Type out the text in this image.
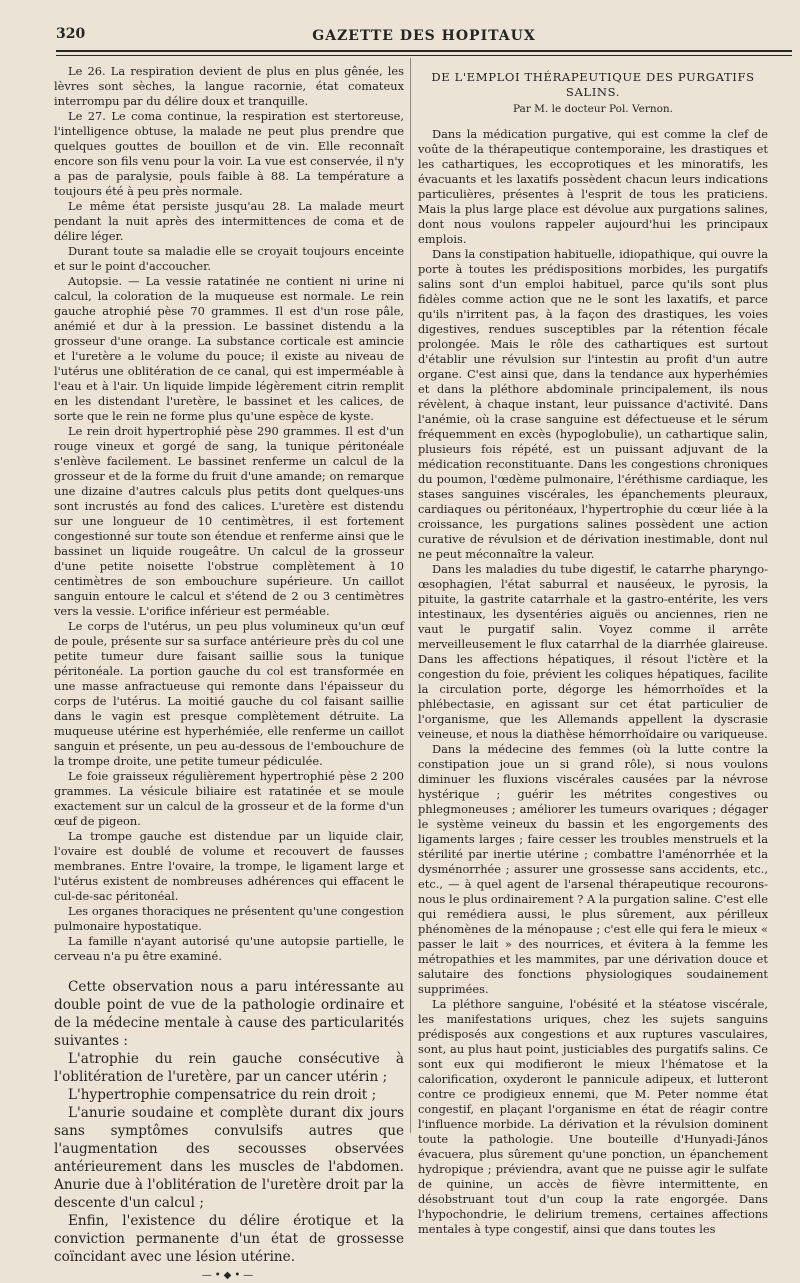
320	GAZETTE DES HOPITAUX

Le 26. La respiration devient de plus en plus gênée, les lèvres sont sèches, la langue racornie, état comateux interrompu par du délire doux et tranquille.

Le 27. Le coma continue, la respiration est stertoreuse, l'intelligence obtuse, la malade ne peut plus prendre que quelques gouttes de bouillon et de vin. Elle reconnaît encore son fils venu pour la voir. La vue est conservée, il n'y a pas de paralysie, pouls faible à 88. La température a toujours été à peu près normale.

Le même état persiste jusqu'au 28. La malade meurt pendant la nuit après des intermittences de coma et de délire léger.

Durant toute sa maladie elle se croyait toujours enceinte et sur le point d'accoucher.

Autopsie. — La vessie ratatinée ne contient ni urine ni calcul, la coloration de la muqueuse est normale. Le rein gauche atrophié pèse 70 grammes. Il est d'un rose pâle, anémié et dur à la pression. Le bassinet distendu a la grosseur d'une orange. La substance corticale est amincie et l'uretère a le volume du pouce; il existe au niveau de l'utérus une oblitération de ce canal, qui est imperméable à l'eau et à l'air. Un liquide limpide légèrement citrin remplit en les distendant l'uretère, le bassinet et les calices, de sorte que le rein ne forme plus qu'une espèce de kyste.

Le rein droit hypertrophié pèse 290 grammes. Il est d'un rouge vineux et gorgé de sang, la tunique péritonéale s'enlève facilement. Le bassinet renferme un calcul de la grosseur et de la forme du fruit d'une amande; on remarque une dizaine d'autres calculs plus petits dont quelques-uns sont incrustés au fond des calices. L'uretère est distendu sur une longueur de 10 centimètres, il est fortement congestionné sur toute son étendue et renferme ainsi que le bassinet un liquide rougeâtre. Un calcul de la grosseur d'une petite noisette l'obstrue complètement à 10 centimètres de son embouchure supérieure. Un caillot sanguin entoure le calcul et s'étend de 2 ou 3 centimètres vers la vessie. L'orifice inférieur est perméable.

Le corps de l'utérus, un peu plus volumineux qu'un œuf de poule, présente sur sa surface antérieure près du col une petite tumeur dure faisant saillie sous la tunique péritonéale. La portion gauche du col est transformée en une masse anfractueuse qui remonte dans l'épaisseur du corps de l'utérus. La moitié gauche du col faisant saillie dans le vagin est presque complètement détruite. La muqueuse utérine est hyperhémiée, elle renferme un caillot sanguin et présente, un peu au-dessous de l'embouchure de la trompe droite, une petite tumeur pédiculée.

Le foie graisseux régulièrement hypertrophié pèse 2 200 grammes. La vésicule biliaire est ratatinée et se moule exactement sur un calcul de la grosseur et de la forme d'un œuf de pigeon.

La trompe gauche est distendue par un liquide clair, l'ovaire est doublé de volume et recouvert de fausses membranes. Entre l'ovaire, la trompe, le ligament large et l'utérus existent de nombreuses adhérences qui effacent le cul-de-sac péritonéal.

Les organes thoraciques ne présentent qu'une congestion pulmonaire hypostatique.

La famille n'ayant autorisé qu'une autopsie partielle, le cerveau n'a pu être examiné.

Cette observation nous a paru intéressante au double point de vue de la pathologie ordinaire et de la médecine mentale à cause des particularités suivantes :

L'atrophie du rein gauche consécutive à l'oblitération de l'uretère, par un cancer utérin ;

L'hypertrophie compensatrice du rein droit ;

L'anurie soudaine et complète durant dix jours sans symptômes convulsifs autres que l'augmentation des secousses observées antérieurement dans les muscles de l'abdomen. Anurie due à l'oblitération de l'uretère droit par la descente d'un calcul ;

Enfin, l'existence du délire érotique et la conviction permanente d'un état de grossesse coïncidant avec une lésion utérine.

—•◆•—
DE L'EMPLOI THÉRAPEUTIQUE DES PURGATIFS SALINS.
Par M. le docteur Pol. Vernon.

Dans la médication purgative, qui est comme la clef de voûte de la thérapeutique contemporaine, les drastiques et les cathartiques, les eccoprotiques et les minoratifs, les évacuants et les laxatifs possèdent chacun leurs indications particulières, présentes à l'esprit de tous les praticiens. Mais la plus large place est dévolue aux purgations salines, dont nous voulons rappeler aujourd'hui les principaux emplois.

Dans la constipation habituelle, idiopathique, qui ouvre la porte à toutes les prédispositions morbides, les purgatifs salins sont d'un emploi habituel, parce qu'ils sont plus fidèles comme action que ne le sont les laxatifs, et parce qu'ils n'irritent pas, à la façon des drastiques, les voies digestives, rendues susceptibles par la rétention fécale prolongée. Mais le rôle des cathartiques est surtout d'établir une révulsion sur l'intestin au profit d'un autre organe. C'est ainsi que, dans la tendance aux hyperhémies et dans la pléthore abdominale principalement, ils nous révèlent, à chaque instant, leur puissance d'activité. Dans l'anémie, où la crase sanguine est défectueuse et le sérum fréquemment en excès (hypoglobulie), un cathartique salin, plusieurs fois répété, est un puissant adjuvant de la médication reconstituante. Dans les congestions chroniques du poumon, l'œdème pulmonaire, l'éréthisme cardiaque, les stases sanguines viscérales, les épanchements pleuraux, cardiaques ou péritonéaux, l'hypertrophie du cœur liée à la croissance, les purgations salines possèdent une action curative de révulsion et de dérivation inestimable, dont nul ne peut méconnaître la valeur.

Dans les maladies du tube digestif, le catarrhe pharyngo-œsophagien, l'état saburral et nauséeux, le pyrosis, la pituite, la gastrite catarrhale et la gastro-entérite, les vers intestinaux, les dysentéries aiguës ou anciennes, rien ne vaut le purgatif salin. Voyez comme il arrête merveilleusement le flux catarrhal de la diarrhée glaireuse. Dans les affections hépatiques, il résout l'ictère et la congestion du foie, prévient les coliques hépatiques, facilite la circulation porte, dégorge les hémorrhoïdes et la phlébectasie, en agissant sur cet état particulier de l'organisme, que les Allemands appellent la dyscrasie veineuse, et nous la diathèse hémorrhoïdaire ou variqueuse.

Dans la médecine des femmes (où la lutte contre la constipation joue un si grand rôle), si nous voulons diminuer les fluxions viscérales causées par la névrose hystérique ; guérir les métrites congestives ou phlegmoneuses ; améliorer les tumeurs ovariques ; dégager le système veineux du bassin et les engorgements des ligaments larges ; faire cesser les troubles menstruels et la stérilité par inertie utérine ; combattre l'aménorrhée et la dysménorrhée ; assurer une grossesse sans accidents, etc., etc., — à quel agent de l'arsenal thérapeutique recourons-nous le plus ordinairement ? A la purgation saline. C'est elle qui remédiera aussi, le plus sûrement, aux périlleux phénomènes de la ménopause ; c'est elle qui fera le mieux « passer le lait » des nourrices, et évitera à la femme les métropathies et les mammites, par une dérivation douce et salutaire des fonctions physiologiques soudainement supprimées.

La pléthore sanguine, l'obésité et la stéatose viscérale, les manifestations uriques, chez les sujets sanguins prédisposés aux congestions et aux ruptures vasculaires, sont, au plus haut point, justiciables des purgatifs salins. Ce sont eux qui modifieront le mieux l'hématose et la calorification, oxyderont le pannicule adipeux, et lutteront contre ce prodigieux ennemi, que M. Peter nomme état congestif, en plaçant l'organisme en état de réagir contre l'influence morbide. La dérivation et la révulsion dominent toute la pathologie. Une bouteille d'Hunyadi-János évacuera, plus sûrement qu'une ponction, un épanchement hydropique ; préviendra, avant que ne puisse agir le sulfate de quinine, un accès de fièvre intermittente, en désobstruant tout d'un coup la rate engorgée. Dans l'hypochondrie, le delirium tremens, certaines affections mentales à type congestif, ainsi que dans toutes les
